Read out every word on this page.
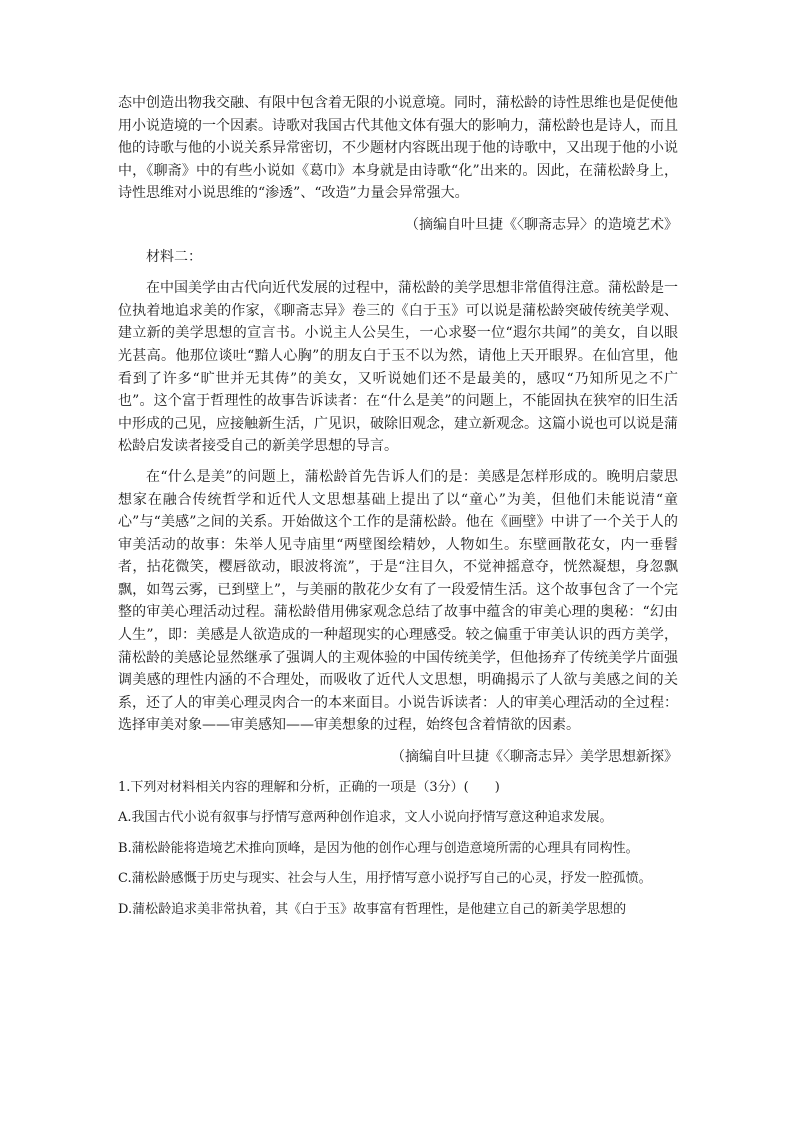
态中创造出物我交融、有限中包含着无限的小说意境。同时，蒲松龄的诗性思维也是促使他用小说造境的一个因素。诗歌对我国古代其他文体有强大的影响力，蒲松龄也是诗人，而且他的诗歌与他的小说关系异常密切，不少题材内容既出现于他的诗歌中，又出现于他的小说中，《聊斋》中的有些小说如《葛巾》本身就是由诗歌“化”出来的。因此，在蒲松龄身上，诗性思维对小说思维的“渗透”、“改造”力量会异常强大。

（摘编自叶旦捷《〈聊斋志异〉的造境艺术》

材料二：

在中国美学由古代向近代发展的过程中，蒲松龄的美学思想非常值得注意。蒲松龄是一位执着地追求美的作家，《聊斋志异》卷三的《白于玉》可以说是蒲松龄突破传统美学观、建立新的美学思想的宣言书。小说主人公吴生，一心求娶一位“遐尔共闻”的美女，自以眼光甚高。他那位谈吐“黯人心胸”的朋友白于玉不以为然，请他上天开眼界。在仙宫里，他看到了许多“旷世并无其俦”的美女，又听说她们还不是最美的，感叹“乃知所见之不广也”。这个富于哲理性的故事告诉读者：在“什么是美”的问题上，不能固执在狭窄的旧生活中形成的己见，应接触新生活，广见识，破除旧观念，建立新观念。这篇小说也可以说是蒲松龄启发读者接受自己的新美学思想的导言。

在“什么是美”的问题上，蒲松龄首先告诉人们的是：美感是怎样形成的。晚明启蒙思想家在融合传统哲学和近代人文思想基础上提出了以“童心”为美，但他们未能说清“童心”与“美感”之间的关系。开始做这个工作的是蒲松龄。他在《画壁》中讲了一个关于人的审美活动的故事：朱举人见寺庙里“两壁图绘精妙，人物如生。东壁画散花女，内一垂髫者，拈花微笑，樱唇欲动，眼波将流”，于是“注目久，不觉神摇意夺，恍然凝想，身忽飘飘，如驾云雾，已到壁上”，与美丽的散花少女有了一段爱情生活。这个故事包含了一个完整的审美心理活动过程。蒲松龄借用佛家观念总结了故事中蕴含的审美心理的奥秘：“幻由人生”，即：美感是人欲造成的一种超现实的心理感受。较之偏重于审美认识的西方美学，蒲松龄的美感论显然继承了强调人的主观体验的中国传统美学，但他扬弃了传统美学片面强调美感的理性内涵的不合理处，而吸收了近代人文思想，明确揭示了人欲与美感之间的关系，还了人的审美心理灵肉合一的本来面目。小说告诉读者：人的审美心理活动的全过程：选择审美对象——审美感知——审美想象的过程，始终包含着情欲的因素。

（摘编自叶旦捷《〈聊斋志异〉美学思想新探》

1.下列对材料相关内容的理解和分析，正确的一项是（3分）(　　)

A.我国古代小说有叙事与抒情写意两种创作追求，文人小说向抒情写意这种追求发展。

B.蒲松龄能将造境艺术推向顶峰，是因为他的创作心理与创造意境所需的心理具有同构性。

C.蒲松龄感慨于历史与现实、社会与人生，用抒情写意小说抒写自己的心灵，抒发一腔孤愤。

D.蒲松龄追求美非常执着，其《白于玉》故事富有哲理性，是他建立自己的新美学思想的
